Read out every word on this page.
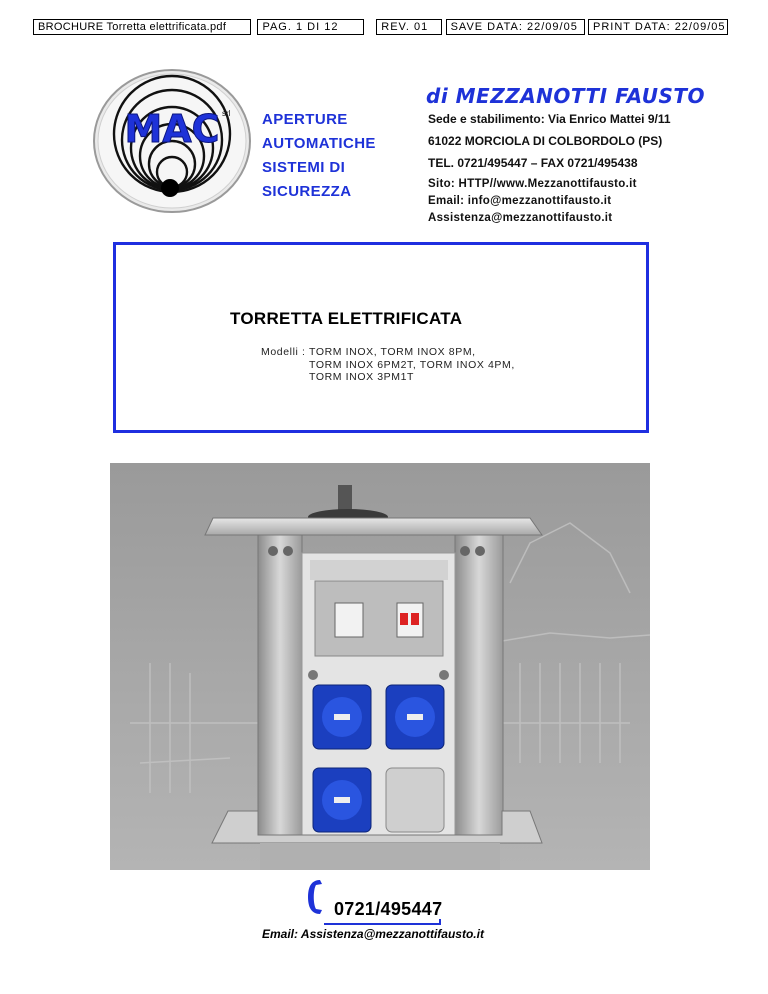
BROCHURE Torretta elettrificata.pdf	PAG. 1 DI 12	REV. 01	SAVE DATA: 22/09/05	PRINT DATA: 22/09/05
MAC srl APERTURE
AUTOMATICHE
SISTEMI DI
SICUREZZA
di MEZZANOTTI FAUSTO
Sede e stabilimento: Via Enrico Mattei 9/11
61022 MORCIOLA DI COLBORDOLO (PS)
TEL. 0721/495447 – FAX 0721/495438
Sito: HTTP//www.Mezzanottifausto.it
Email: info@mezzanottifausto.it
Assistenza@mezzanottifausto.it
TORRETTA ELETTRIFICATA
Modelli : TORM INOX, TORM INOX 8PM,
TORM INOX 6PM2T, TORM INOX 4PM,
TORM INOX 3PM1T
0721/495447
Email: Assistenza@mezzanottifausto.it
